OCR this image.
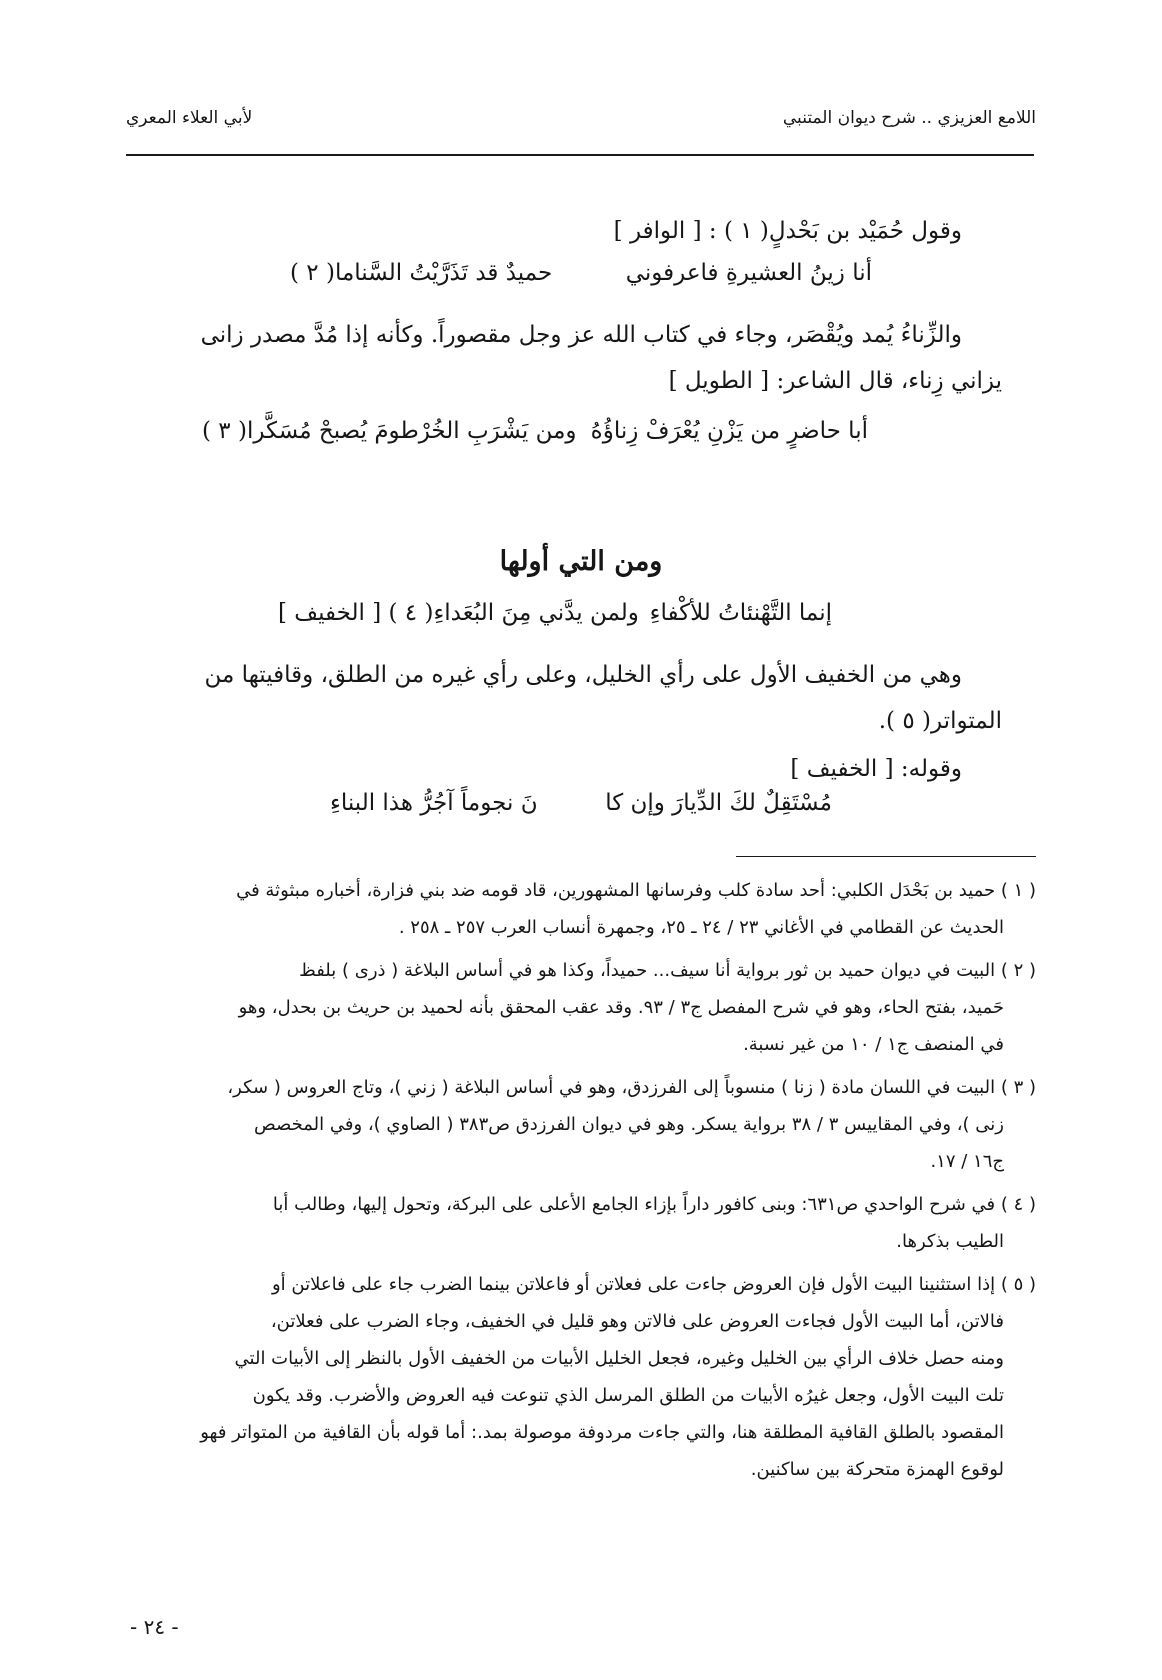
اللامع العزيزي .. شرح ديوان المتنبي
لأبي العلاء المعري

وقول حُمَيْد بن بَحْدلٍ( ١ ) : [ الوافر ]

أنا زينُ العشيرةِ فاعرفوني
حميدٌ قد تَذَرَّيْتُ السَّناما( ٢ )

والزِّناءُ يُمد ويُقْصَر، وجاء في كتاب الله عز وجل مقصوراً. وكأنه إذا مُدَّ مصدر زانى

يزاني زِناء، قال الشاعر: [ الطويل ]

أبا حاضرٍ من يَزْنِ يُعْرَفْ زِناؤُهُ
ومن يَشْرَبِ الخُرْطومَ يُصبحْ مُسَكَّرا( ٣ )
ومن التي أولها
إنما التَّهْنئاتُ للأكْفاءِ
ولمن يدَّني مِنَ البُعَداءِ( ٤ ) [ الخفيف ]

وهي من الخفيف الأول على رأي الخليل، وعلى رأي غيره من الطلق، وقافيتها من

المتواتر( ٥ ).

وقوله: [ الخفيف ]

مُسْتَقِلٌ لكَ الدِّيارَ وإن كا
نَ نجوماً آجُرُّ هذا البناءِ
( ١ ) حميد بن بَحْدَل الكلبي: أحد سادة كلب وفرسانها المشهورين، قاد قومه ضد بني فزارة، أخباره مبثوثة في
الحديث عن القطامي في الأغاني ٢٣ / ٢٤ ـ ٢٥، وجمهرة أنساب العرب ٢٥٧ ـ ٢٥٨ .
( ٢ ) البيت في ديوان حميد بن ثور برواية أنا سيف... حميداً، وكذا هو في أساس البلاغة ( ذرى ) بلفظ
حَميد، بفتح الحاء، وهو في شرح المفصل ج٣ / ٩٣. وقد عقب المحقق بأنه لحميد بن حريث بن بحدل، وهو
في المنصف ج١ / ١٠ من غير نسبة.
( ٣ ) البيت في اللسان مادة ( زنا ) منسوباً إلى الفرزدق، وهو في أساس البلاغة ( زني )، وتاج العروس ( سكر،
زنى )، وفي المقاييس ٣ / ٣٨ برواية يسكر. وهو في ديوان الفرزدق ص٣٨٣ ( الصاوي )، وفي المخصص
ج١٦ / ١٧.
( ٤ ) في شرح الواحدي ص٦٣١: وبنى كافور داراً بإزاء الجامع الأعلى على البركة، وتحول إليها، وطالب أبا
الطيب بذكرها.
( ٥ ) إذا استثنينا البيت الأول فإن العروض جاءت على فعلاتن أو فاعلاتن بينما الضرب جاء على فاعلاتن أو
فالاتن، أما البيت الأول فجاءت العروض على فالاتن وهو قليل في الخفيف، وجاء الضرب على فعلاتن،
ومنه حصل خلاف الرأي بين الخليل وغيره، فجعل الخليل الأبيات من الخفيف الأول بالنظر إلى الأبيات التي
تلت البيت الأول، وجعل غيرُه الأبيات من الطلق المرسل الذي تنوعت فيه العروض والأضرب. وقد يكون
المقصود بالطلق القافية المطلقة هنا، والتي جاءت مردوفة موصولة بمد.: أما قوله بأن القافية من المتواتر فهو
لوقوع الهمزة متحركة بين ساكنين.
- ٢٤ -
